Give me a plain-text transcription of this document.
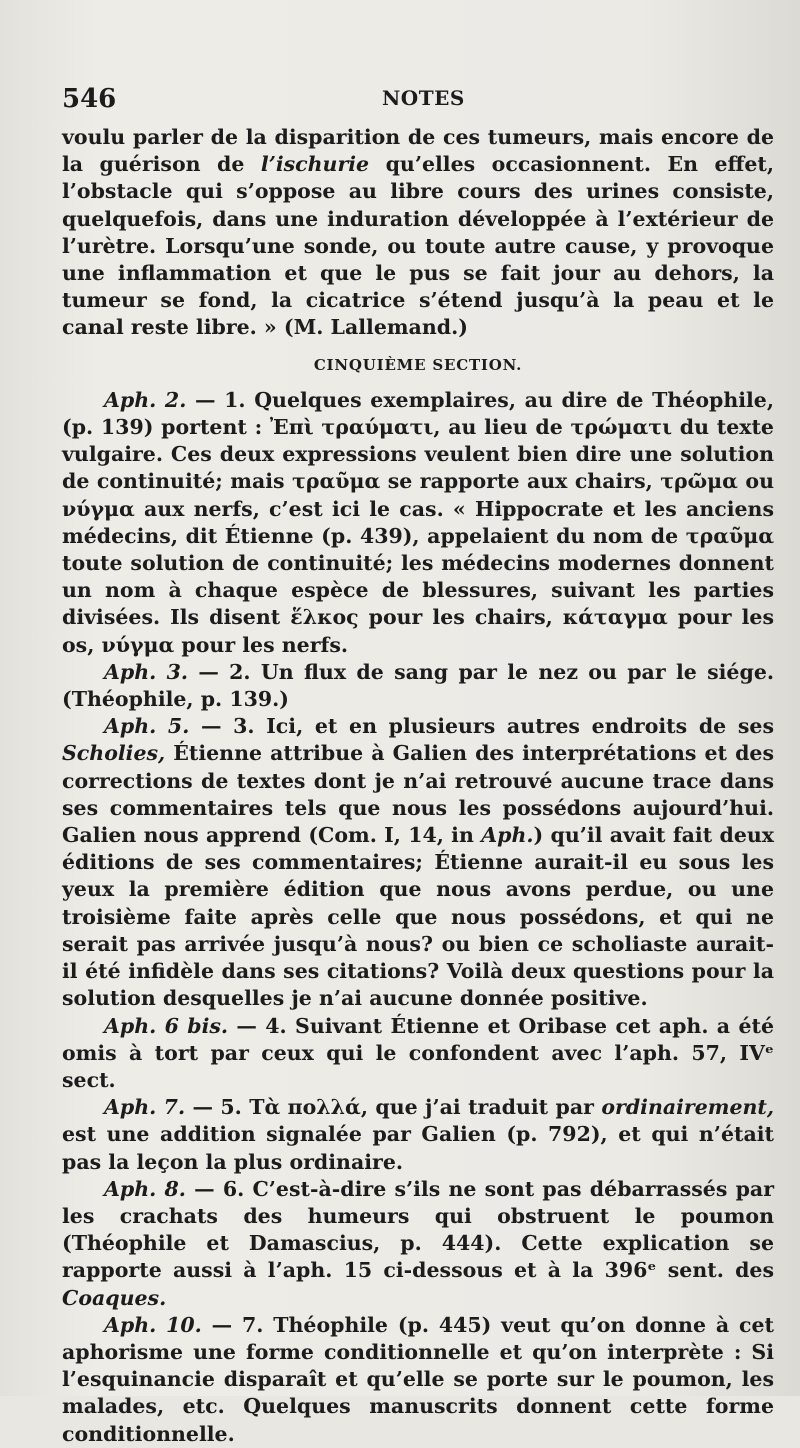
546	NOTES

voulu parler de la disparition de ces tumeurs, mais encore de la guérison de l’ischurie qu’elles occasionnent. En effet, l’obstacle qui s’oppose au libre cours des urines consiste, quelquefois, dans une induration développée à l’extérieur de l’urètre. Lorsqu’une sonde, ou toute autre cause, y provoque une inflammation et que le pus se fait jour au dehors, la tumeur se fond, la cicatrice s’étend jusqu’à la peau et le canal reste libre. » (M. Lallemand.)

CINQUIÈME SECTION.

Aph. 2. — 1. Quelques exemplaires, au dire de Théophile, (p. 139) portent : Ἐπὶ τραύματι, au lieu de τρώματι du texte vulgaire. Ces deux expressions veulent bien dire une solution de continuité; mais τραῦμα se rapporte aux chairs, τρῶμα ou νύγμα aux nerfs, c’est ici le cas. « Hippocrate et les anciens médecins, dit Étienne (p. 439), appelaient du nom de τραῦμα toute solution de continuité; les médecins modernes donnent un nom à chaque espèce de blessures, suivant les parties divisées. Ils disent ἕλκος pour les chairs, κάταγμα pour les os, νύγμα pour les nerfs.

Aph. 3. — 2. Un flux de sang par le nez ou par le siége. (Théophile, p. 139.)

Aph. 5. — 3. Ici, et en plusieurs autres endroits de ses Scholies, Étienne attribue à Galien des interprétations et des corrections de textes dont je n’ai retrouvé aucune trace dans ses commentaires tels que nous les possédons aujourd’hui. Galien nous apprend (Com. I, 14, in Aph.) qu’il avait fait deux éditions de ses commentaires; Étienne aurait-il eu sous les yeux la première édition que nous avons perdue, ou une troisième faite après celle que nous possédons, et qui ne serait pas arrivée jusqu’à nous? ou bien ce scholiaste aurait-il été infidèle dans ses citations? Voilà deux questions pour la solution desquelles je n’ai aucune donnée positive.

Aph. 6 bis. — 4. Suivant Étienne et Oribase cet aph. a été omis à tort par ceux qui le confondent avec l’aph. 57, IVᵉ sect.

Aph. 7. — 5. Τὰ πολλά, que j’ai traduit par ordinairement, est une addition signalée par Galien (p. 792), et qui n’était pas la leçon la plus ordinaire.

Aph. 8. — 6. C’est-à-dire s’ils ne sont pas débarrassés par les crachats des humeurs qui obstruent le poumon (Théophile et Damascius, p. 444). Cette explication se rapporte aussi à l’aph. 15 ci-dessous et à la 396ᵉ sent. des Coaques.

Aph. 10. — 7. Théophile (p. 445) veut qu’on donne à cet aphorisme une forme conditionnelle et qu’on interprète : Si l’esquinancie disparaît et qu’elle se porte sur le poumon, les malades, etc. Quelques manuscrits donnent cette forme conditionnelle.
